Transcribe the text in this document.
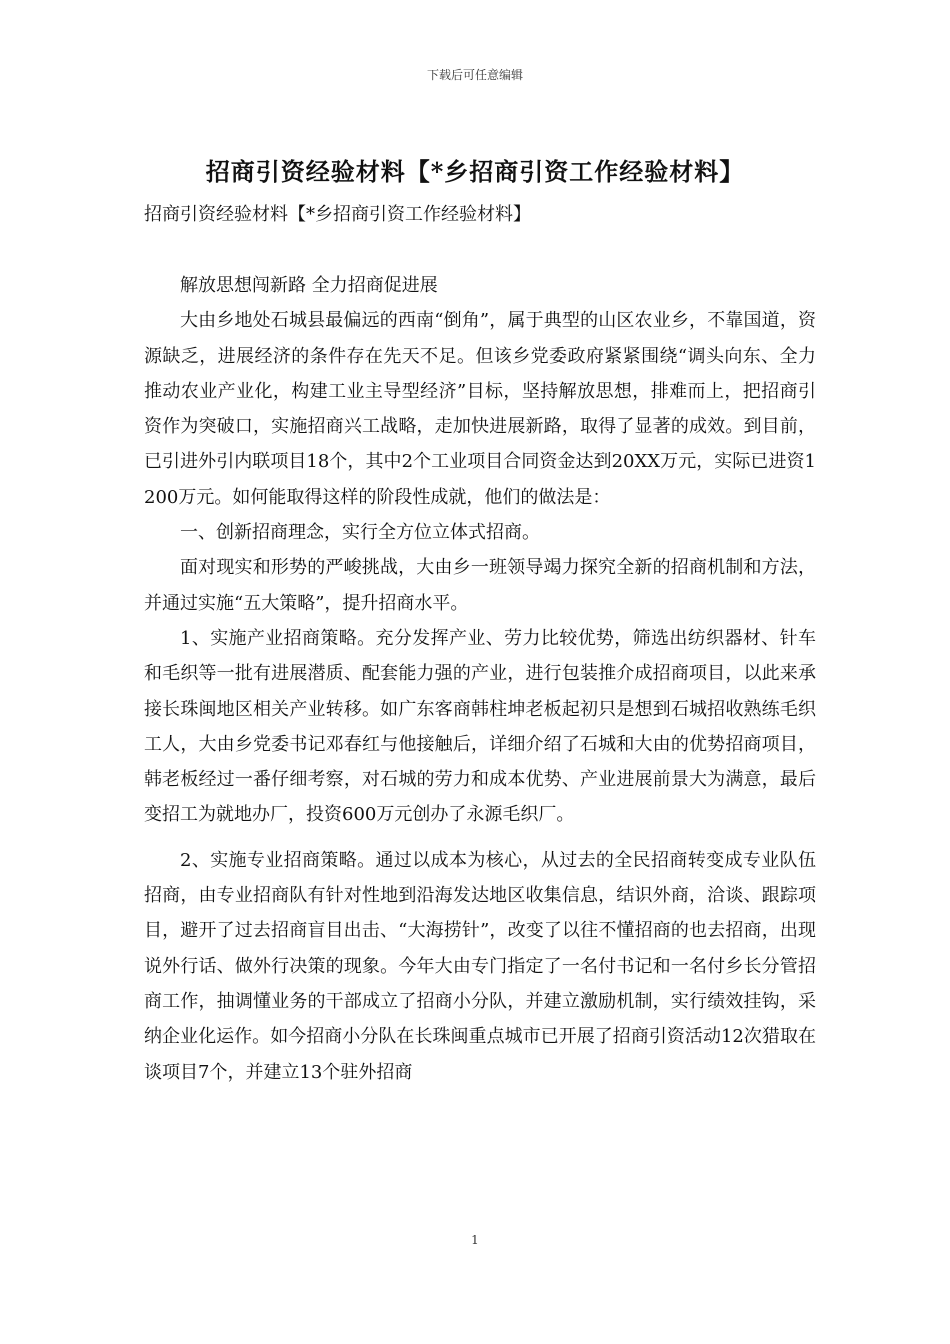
下载后可任意编辑
招商引资经验材料【*乡招商引资工作经验材料】
招商引资经验材料【*乡招商引资工作经验材料】

解放思想闯新路 全力招商促进展

大由乡地处石城县最偏远的西南“倒角”，属于典型的山区农业乡，不靠国道，资源缺乏，进展经济的条件存在先天不足。但该乡党委政府紧紧围绕“调头向东、全力推动农业产业化，构建工业主导型经济”目标，坚持解放思想，排难而上，把招商引资作为突破口，实施招商兴工战略，走加快进展新路，取得了显著的成效。到目前，已引进外引内联项目18个，其中2个工业项目合同资金达到20XX万元，实际已进资1200万元。如何能取得这样的阶段性成就，他们的做法是：

一、创新招商理念，实行全方位立体式招商。

面对现实和形势的严峻挑战，大由乡一班领导竭力探究全新的招商机制和方法，并通过实施“五大策略”，提升招商水平。

1、实施产业招商策略。充分发挥产业、劳力比较优势，筛选出纺织器材、针车和毛织等一批有进展潜质、配套能力强的产业，进行包装推介成招商项目，以此来承接长珠闽地区相关产业转移。如广东客商韩柱坤老板起初只是想到石城招收熟练毛织工人，大由乡党委书记邓春红与他接触后，详细介绍了石城和大由的优势招商项目，韩老板经过一番仔细考察，对石城的劳力和成本优势、产业进展前景大为满意，最后变招工为就地办厂，投资600万元创办了永源毛织厂。

2、实施专业招商策略。通过以成本为核心，从过去的全民招商转变成专业队伍招商，由专业招商队有针对性地到沿海发达地区收集信息，结识外商，洽谈、跟踪项目，避开了过去招商盲目出击、“大海捞针”，改变了以往不懂招商的也去招商，出现说外行话、做外行决策的现象。今年大由专门指定了一名付书记和一名付乡长分管招商工作，抽调懂业务的干部成立了招商小分队，并建立激励机制，实行绩效挂钩，采纳企业化运作。如今招商小分队在长珠闽重点城市已开展了招商引资活动12次猎取在谈项目7个，并建立13个驻外招商

1
